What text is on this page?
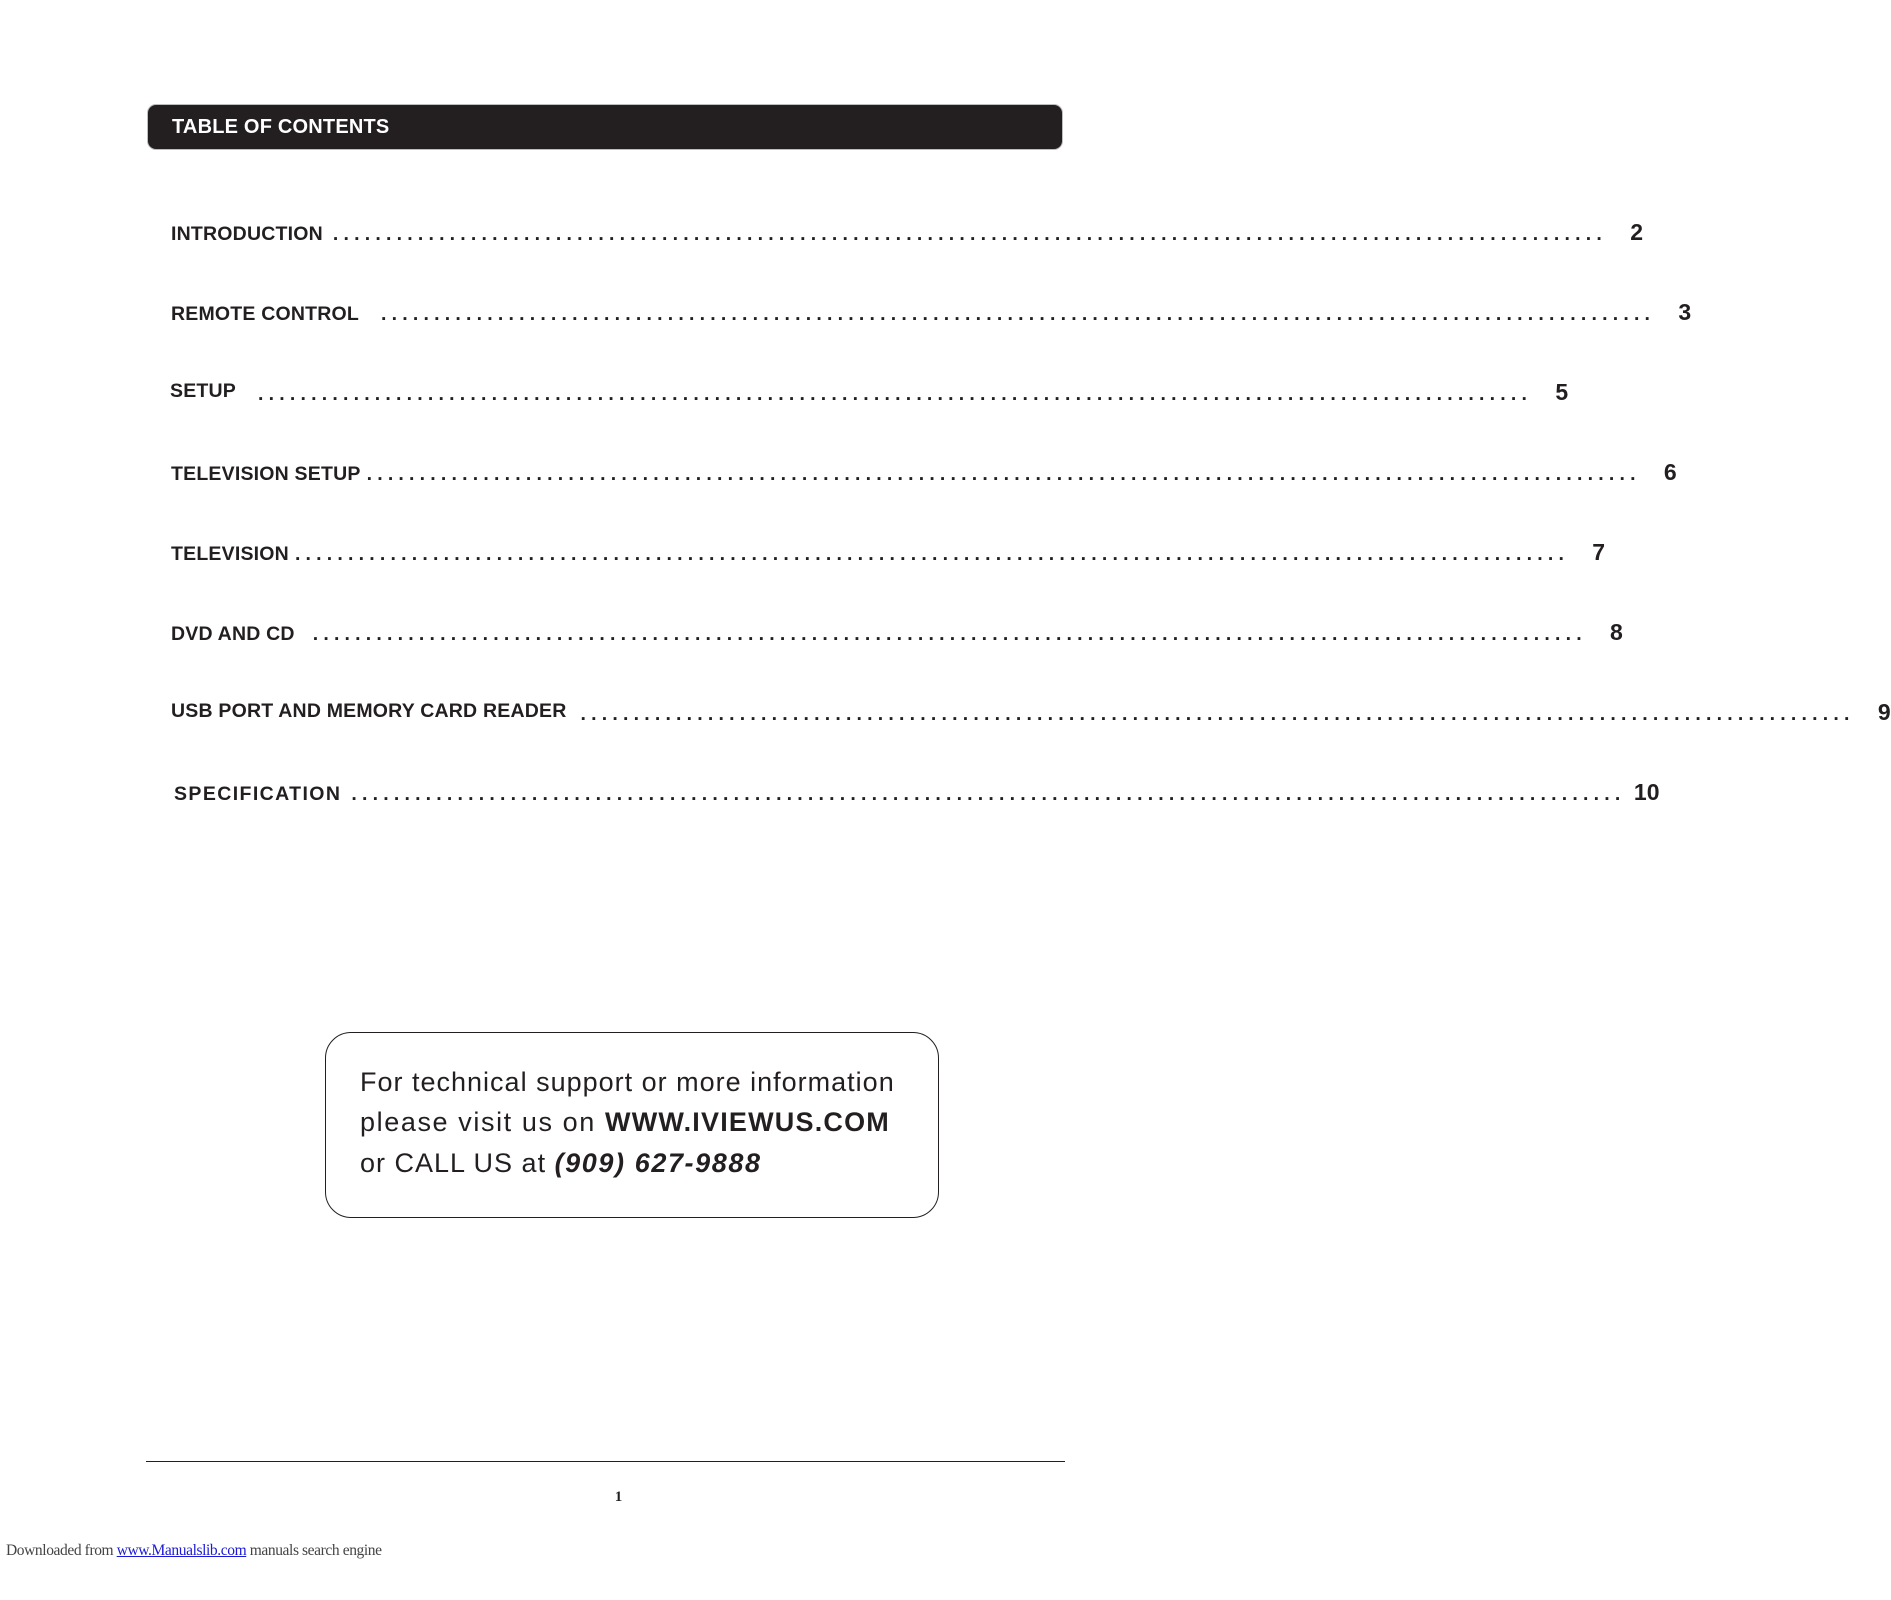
TABLE OF CONTENTS
INTRODUCTION ........................................................................................................................	2
REMOTE CONTROL ........................................................................................................................	3
SETUP ........................................................................................................................	5
TELEVISION SETUP ........................................................................................................................	6
TELEVISION ........................................................................................................................	7
DVD AND CD ........................................................................................................................	8
USB PORT AND MEMORY CARD READER ........................................................................................................................	9
SPECIFICATION ........................................................................................................................ 10
For technical support or more information
please visit us on WWW.IVIEWUS.COM
or CALL US at (909) 627-9888
1
Downloaded from www.Manualslib.com manuals search engine
